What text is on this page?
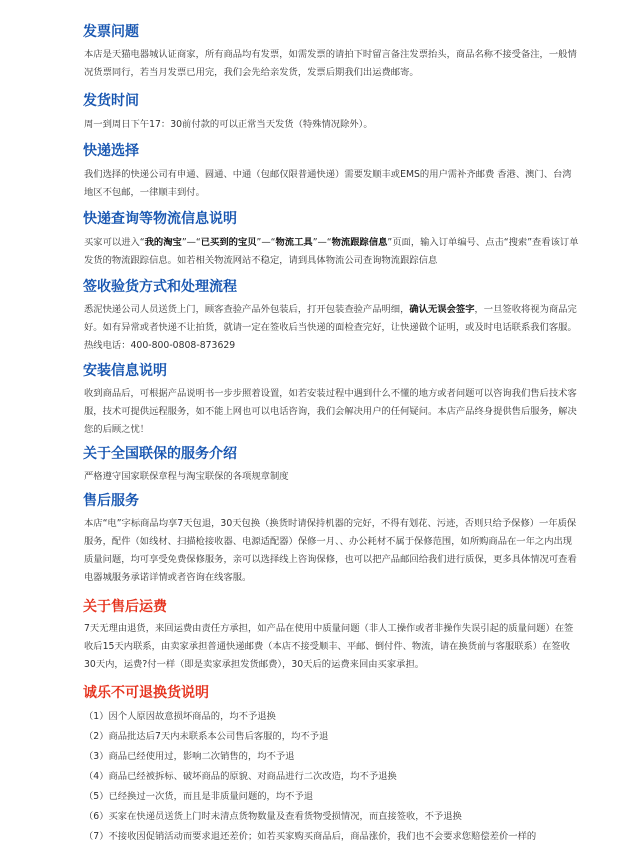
发票问题

本店是天猫电器城认证商家，所有商品均有发票，如需发票的请拍下时留言备注发票抬头，商品名称不接受备注，一般情况货票同行，若当月发票已用完，我们会先给亲发货，发票后期我们出运费邮寄。

发货时间

周一到周日下午17：30前付款的可以正常当天发货（特殊情况除外）。

快递选择

我们选择的快递公司有申通、圆通、中通（包邮仅限普通快递）需要发顺丰或EMS的用户需补齐邮费 香港、澳门、台湾地区不包邮，一律顺丰到付。

快递查询等物流信息说明

买家可以进入“我的淘宝”—“已买到的宝贝”—“物流工具”—“物流跟踪信息”页面，输入订单编号、点击“搜索”查看该订单发货的物流跟踪信息。如若相关物流网站不稳定，请到具体物流公司查询物流跟踪信息

签收验货方式和处理流程

悉泥快递公司人员送货上门，顾客查验产品外包装后，打开包装查验产品明细，确认无误会签字，一旦签收将视为商品完好。如有异常或者快递不让拍货，就请一定在签收后当快递的面检查完好，让快递做个证明，或及时电话联系我们客服。 热线电话：400-800-0808-873629

安装信息说明

收到商品后，可根据产品说明书一步步照着设置，如若安装过程中遇到什么不懂的地方或者问题可以咨询我们售后技术客服，技术可提供远程服务，如不能上网也可以电话咨询，我们会解决用户的任何疑问。本店产品终身提供售后服务，解决您的后顾之忧！

关于全国联保的服务介绍

严格遵守国家联保章程与淘宝联保的各项规章制度

售后服务

本店“电”字标商品均享7天包退，30天包换（换货时请保持机器的完好，不得有划花、污迹，否则只给予保修）一年质保服务，配件（如线材、扫描枪接收器、电源适配器）保修一月、、办公耗材不属于保修范围，如所购商品在一年之内出现质量问题，均可享受免费保修服务，亲可以选择线上咨询保修，也可以把产品邮回给我们进行质保，更多具体情况可查看电器城服务承诺详情或者咨询在线客服。

关于售后运费

7天无理由退货，来回运费由责任方承担，如产品在使用中质量问题（非人工操作或者非操作失误引起的质量问题）在签收后15天内联系，由卖家承担普通快递邮费（本店不接受顺丰、平邮、倒付件、物流，请在换货前与客服联系）在签收30天内，运费?付一样（即是卖家承担发货邮费），30天后的运费来回由买家承担。

诚乐不可退换货说明
（1）因个人原因故意损坏商品的，均不予退换
（2）商品批达后7天内未联系本公司售后客服的，均不予退
（3）商品已经使用过，影响二次销售的，均不予退
（4）商品已经被拆标、破坏商品的原貌、对商品进行二次改造，均不予退换
（5）已经换过一次货，而且是非质量问题的，均不予退
（6）买家在快递员送货上门时未清点货物数量及查看货物受损情况，而直接签收，不予退换
（7）不接收因促销活动而要求退还差价；如若买家购买商品后，商品涨价，我们也不会要求您赔偿差价一样的
